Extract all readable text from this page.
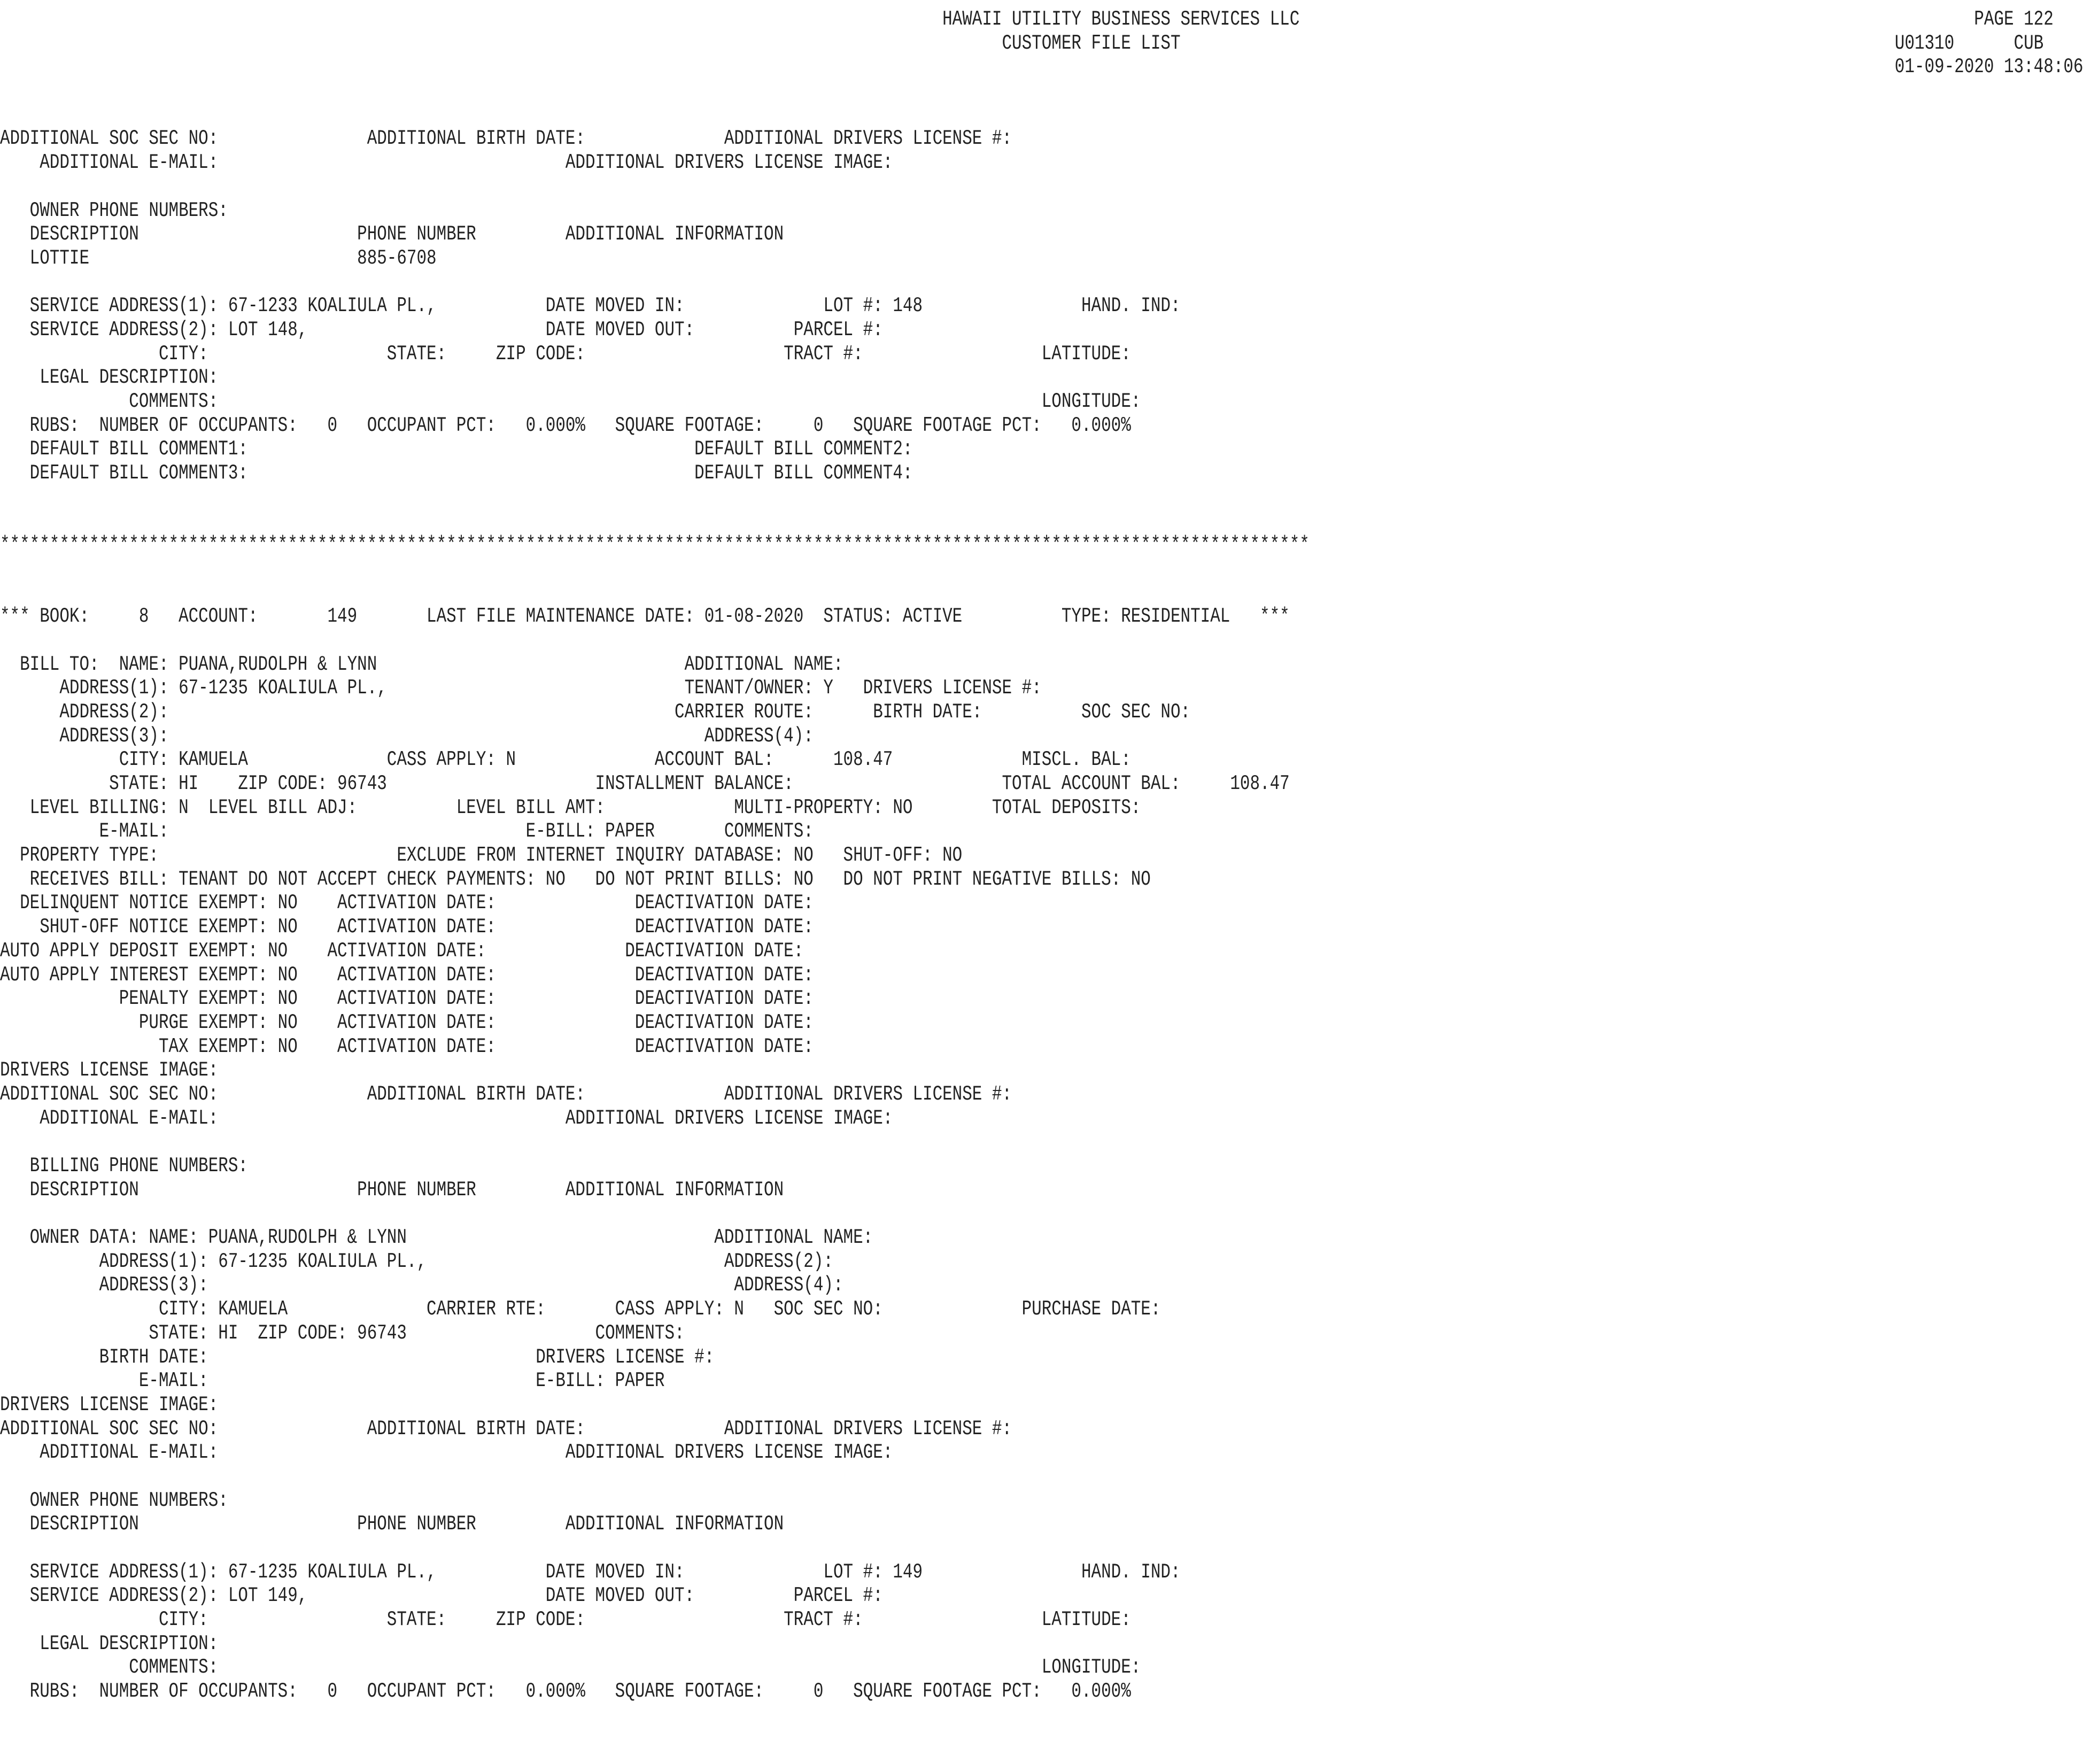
HAWAII UTILITY BUSINESS SERVICES LLC                                                                    PAGE 122
CUSTOMER FILE LIST                                                                        U01310      CUB
01-09-2020 13:48:06
ADDITIONAL SOC SEC NO:               ADDITIONAL BIRTH DATE:              ADDITIONAL DRIVERS LICENSE #:
ADDITIONAL E-MAIL:                                   ADDITIONAL DRIVERS LICENSE IMAGE:
OWNER PHONE NUMBERS:
DESCRIPTION                      PHONE NUMBER         ADDITIONAL INFORMATION
LOTTIE                           885-6708
SERVICE ADDRESS(1): 67-1233 KOALIULA PL.,           DATE MOVED IN:              LOT #: 148                HAND. IND:
SERVICE ADDRESS(2): LOT 148,                        DATE MOVED OUT:          PARCEL #:
CITY:                  STATE:     ZIP CODE:                    TRACT #:                  LATITUDE:
LEGAL DESCRIPTION:
COMMENTS:                                                                                   LONGITUDE:
RUBS:  NUMBER OF OCCUPANTS:   0   OCCUPANT PCT:   0.000%   SQUARE FOOTAGE:     0   SQUARE FOOTAGE PCT:   0.000%
DEFAULT BILL COMMENT1:                                             DEFAULT BILL COMMENT2:
DEFAULT BILL COMMENT3:                                             DEFAULT BILL COMMENT4:
************************************************************************************************************************************
*** BOOK:     8   ACCOUNT:       149       LAST FILE MAINTENANCE DATE: 01-08-2020  STATUS: ACTIVE          TYPE: RESIDENTIAL   ***
BILL TO:  NAME: PUANA,RUDOLPH & LYNN                               ADDITIONAL NAME:
ADDRESS(1): 67-1235 KOALIULA PL.,                              TENANT/OWNER: Y   DRIVERS LICENSE #:
ADDRESS(2):                                                   CARRIER ROUTE:      BIRTH DATE:          SOC SEC NO:
ADDRESS(3):                                                      ADDRESS(4):
CITY: KAMUELA              CASS APPLY: N              ACCOUNT BAL:      108.47             MISCL. BAL:
STATE: HI    ZIP CODE: 96743                     INSTALLMENT BALANCE:                     TOTAL ACCOUNT BAL:     108.47
LEVEL BILLING: N  LEVEL BILL ADJ:          LEVEL BILL AMT:             MULTI-PROPERTY: NO        TOTAL DEPOSITS:
E-MAIL:                                    E-BILL: PAPER       COMMENTS:
PROPERTY TYPE:                        EXCLUDE FROM INTERNET INQUIRY DATABASE: NO   SHUT-OFF: NO
RECEIVES BILL: TENANT DO NOT ACCEPT CHECK PAYMENTS: NO   DO NOT PRINT BILLS: NO   DO NOT PRINT NEGATIVE BILLS: NO
DELINQUENT NOTICE EXEMPT: NO    ACTIVATION DATE:              DEACTIVATION DATE:
SHUT-OFF NOTICE EXEMPT: NO    ACTIVATION DATE:              DEACTIVATION DATE:
AUTO APPLY DEPOSIT EXEMPT: NO    ACTIVATION DATE:              DEACTIVATION DATE:
AUTO APPLY INTEREST EXEMPT: NO    ACTIVATION DATE:              DEACTIVATION DATE:
PENALTY EXEMPT: NO    ACTIVATION DATE:              DEACTIVATION DATE:
PURGE EXEMPT: NO    ACTIVATION DATE:              DEACTIVATION DATE:
TAX EXEMPT: NO    ACTIVATION DATE:              DEACTIVATION DATE:
DRIVERS LICENSE IMAGE:
ADDITIONAL SOC SEC NO:               ADDITIONAL BIRTH DATE:              ADDITIONAL DRIVERS LICENSE #:
ADDITIONAL E-MAIL:                                   ADDITIONAL DRIVERS LICENSE IMAGE:
BILLING PHONE NUMBERS:
DESCRIPTION                      PHONE NUMBER         ADDITIONAL INFORMATION
OWNER DATA: NAME: PUANA,RUDOLPH & LYNN                               ADDITIONAL NAME:
ADDRESS(1): 67-1235 KOALIULA PL.,                              ADDRESS(2):
ADDRESS(3):                                                     ADDRESS(4):
CITY: KAMUELA              CARRIER RTE:       CASS APPLY: N   SOC SEC NO:              PURCHASE DATE:
STATE: HI  ZIP CODE: 96743                   COMMENTS:
BIRTH DATE:                                 DRIVERS LICENSE #:
E-MAIL:                                 E-BILL: PAPER
DRIVERS LICENSE IMAGE:
ADDITIONAL SOC SEC NO:               ADDITIONAL BIRTH DATE:              ADDITIONAL DRIVERS LICENSE #:
ADDITIONAL E-MAIL:                                   ADDITIONAL DRIVERS LICENSE IMAGE:
OWNER PHONE NUMBERS:
DESCRIPTION                      PHONE NUMBER         ADDITIONAL INFORMATION
SERVICE ADDRESS(1): 67-1235 KOALIULA PL.,           DATE MOVED IN:              LOT #: 149                HAND. IND:
SERVICE ADDRESS(2): LOT 149,                        DATE MOVED OUT:          PARCEL #:
CITY:                  STATE:     ZIP CODE:                    TRACT #:                  LATITUDE:
LEGAL DESCRIPTION:
COMMENTS:                                                                                   LONGITUDE:
RUBS:  NUMBER OF OCCUPANTS:   0   OCCUPANT PCT:   0.000%   SQUARE FOOTAGE:     0   SQUARE FOOTAGE PCT:   0.000%
